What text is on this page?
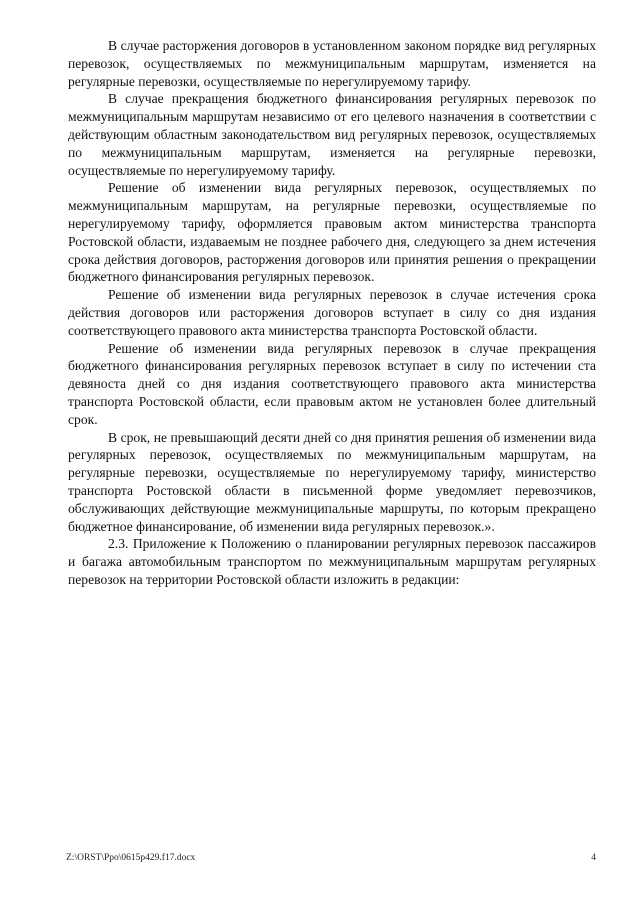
В случае расторжения договоров в установленном законом порядке вид регулярных перевозок, осуществляемых по межмуниципальным маршрутам, изменяется на регулярные перевозки, осуществляемые по нерегулируемому тарифу.

В случае прекращения бюджетного финансирования регулярных перевозок по межмуниципальным маршрутам независимо от его целевого назначения в соответствии с действующим областным законодательством вид регулярных перевозок, осуществляемых по межмуниципальным маршрутам, изменяется на регулярные перевозки, осуществляемые по нерегулируемому тарифу.

Решение об изменении вида регулярных перевозок, осуществляемых по межмуниципальным маршрутам, на регулярные перевозки, осуществляемые по нерегулируемому тарифу, оформляется правовым актом министерства транспорта Ростовской области, издаваемым не позднее рабочего дня, следующего за днем истечения срока действия договоров, расторжения договоров или принятия решения о прекращении бюджетного финансирования регулярных перевозок.

Решение об изменении вида регулярных перевозок в случае истечения срока действия договоров или расторжения договоров вступает в силу со дня издания соответствующего правового акта министерства транспорта Ростовской области.

Решение об изменении вида регулярных перевозок в случае прекращения бюджетного финансирования регулярных перевозок вступает в силу по истечении ста девяноста дней со дня издания соответствующего правового акта министерства транспорта Ростовской области, если правовым актом не установлен более длительный срок.

В срок, не превышающий десяти дней со дня принятия решения об изменении вида регулярных перевозок, осуществляемых по межмуниципальным маршрутам, на регулярные перевозки, осуществляемые по нерегулируемому тарифу, министерство транспорта Ростовской области в письменной форме уведомляет перевозчиков, обслуживающих действующие межмуниципальные маршруты, по которым прекращено бюджетное финансирование, об изменении вида регулярных перевозок.».

2.3. Приложение к Положению о планировании регулярных перевозок пассажиров и багажа автомобильным транспортом по межмуниципальным маршрутам регулярных перевозок на территории Ростовской области изложить в редакции:

Z:\ORST\Ppo\0615p429.f17.docx	4
